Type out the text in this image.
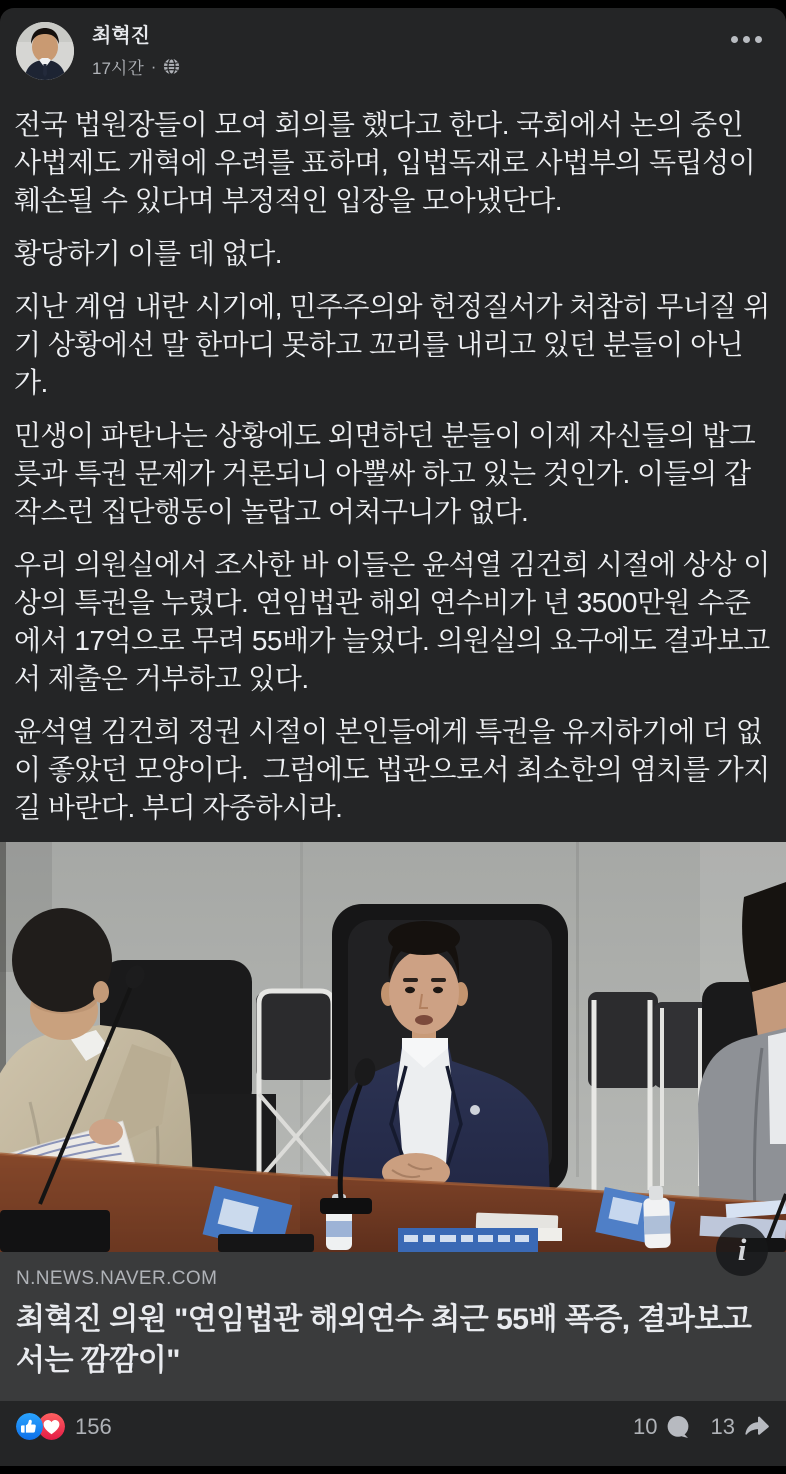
최혁진
17시간 ·

전국 법원장들이 모여 회의를 했다고 한다. 국회에서 논의 중인 사법제도 개혁에 우려를 표하며, 입법독재로 사법부의 독립성이 훼손될 수 있다며 부정적인 입장을 모아냈단다.

황당하기 이를 데 없다.

지난 계엄 내란 시기에, 민주주의와 헌정질서가 처참히 무너질 위기 상황에선 말 한마디 못하고 꼬리를 내리고 있던 분들이 아닌가.

민생이 파탄나는 상황에도 외면하던 분들이 이제 자신들의 밥그릇과 특권 문제가 거론되니 아뿔싸 하고 있는 것인가. 이들의 갑작스런 집단행동이 놀랍고 어처구니가 없다.

우리 의원실에서 조사한 바 이들은 윤석열 김건희 시절에 상상 이상의 특권을 누렸다. 연임법관 해외 연수비가 년 3500만원 수준에서 17억으로 무려 55배가 늘었다. 의원실의 요구에도 결과보고서 제출은 거부하고 있다.

윤석열 김건희 정권 시절이 본인들에게 특권을 유지하기에 더 없이 좋았던 모양이다.  그럼에도 법관으로서 최소한의 염치를 가지길 바란다. 부디 자중하시라.

i
N.NEWS.NAVER.COM
최혁진 의원 "연임법관 해외연수 최근 55배 폭증, 결과보고서는 깜깜이"
156	10 13
